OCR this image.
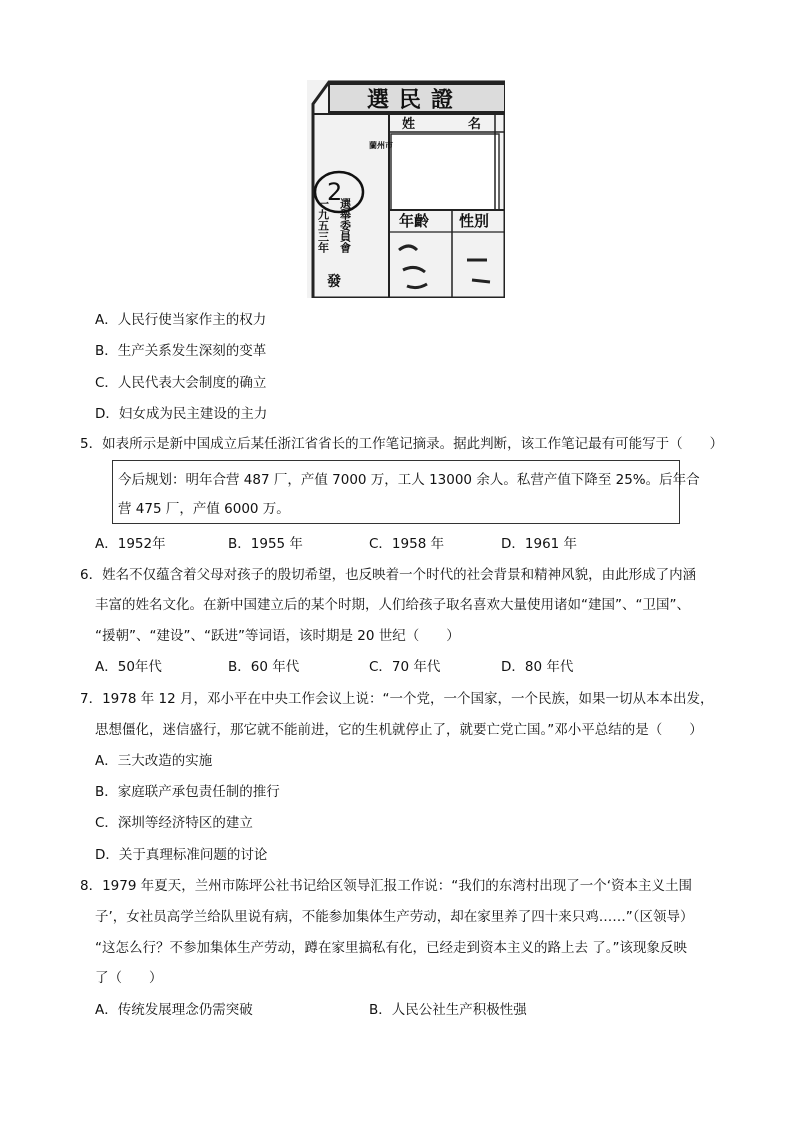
選民證
姓　名
年齡 性別
蘭州市
選舉委員會
一九五三年
發
2
A．人民行使当家作主的权力
B．生产关系发生深刻的变革
C．人民代表大会制度的确立
D．妇女成为民主建设的主力
5．如表所示是新中国成立后某任浙江省省长的工作笔记摘录。据此判断，该工作笔记最有可能写于（　　）
今后规划：明年合营 487 厂，产值 7000 万，工人 13000 余人。私营产值下降至 25%。后年合
营 475 厂，产值 6000 万。
A．1952年	B．1955 年	C．1958 年	D．1961 年
6．姓名不仅蕴含着父母对孩子的殷切希望，也反映着一个时代的社会背景和精神风貌，由此形成了内涵
丰富的姓名文化。在新中国建立后的某个时期，人们给孩子取名喜欢大量使用诸如“建国”、“卫国”、
“援朝”、“建设”、“跃进”等词语，该时期是 20 世纪（　　）
A．50年代	B．60 年代	C．70 年代	D．80 年代
7．1978 年 12 月，邓小平在中央工作会议上说：“一个党，一个国家，一个民族，如果一切从本本出发，
思想僵化，迷信盛行，那它就不能前进，它的生机就停止了，就要亡党亡国。”邓小平总结的是（　　）
A．三大改造的实施
B．家庭联产承包责任制的推行
C．深圳等经济特区的建立
D．关于真理标准问题的讨论
8．1979 年夏天，兰州市陈坪公社书记给区领导汇报工作说：“我们的东湾村出现了一个‘资本主义土围
子’，女社员高学兰给队里说有病，不能参加集体生产劳动，却在家里养了四十来只鸡……”（区领导）
“这怎么行？不参加集体生产劳动，蹲在家里搞私有化，已经走到资本主义的路上去 了。”该现象反映
了（　　）
A．传统发展理念仍需突破	B．人民公社生产积极性强
